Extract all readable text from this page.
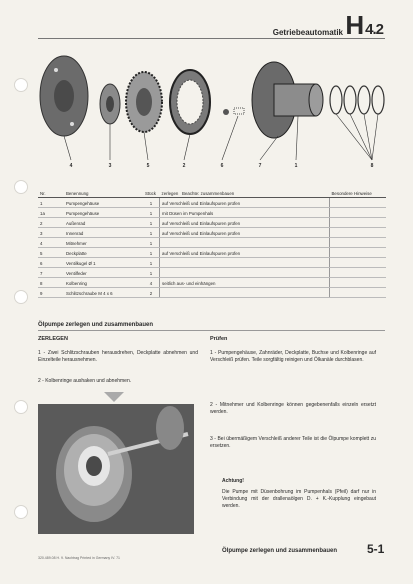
Getriebeautomatik H 4.2
4	3	5	2	6	7	1	8
Nr.	Benennung	Stück	zerlegen Beachte: zusammenbauen	Besondere Hinweise
1	Pumpengehäuse	1	auf Verschleiß und Einlaufspuren prüfen	
1a	Pumpengehäuse	1	mit Düsen im Pumpenhals	
2	Außenrad	1	auf Verschleiß und Einlaufspuren prüfen	
3	Innenrad	1	auf Verschleiß und Einlaufspuren prüfen	
4	Mitnehmer	1		
5	Deckplatte	1	auf Verschleiß und Einlaufspuren prüfen	
6	Ventilkugel Ø 1	1		
7	Ventilfeder	1		
8	Kolbenring	4	seitlich aus- und einhängen	
9	Schlitzschraube M 4 x 6	2		
Ölpumpe zerlegen und zusammenbauen
ZERLEGEN
1 - Zwei Schlitzschrauben herausdrehen, Deckplatte abnehmen und Einzelteile herausnehmen.
2 - Kolbenringe aushaken und abnehmen.
Prüfen
1 - Pumpengehäuse, Zahnräder, Deckplatte, Buchse und Kolbenringe auf Verschleiß prüfen. Teile sorgfältig reinigen und Ölkanäle durchblasen.
2 - Mitnehmer und Kolbenringe können gegebenenfalls einzeln ersetzt werden.
3 - Bei übermäßigem Verschleiß anderer Teile ist die Ölpumpe komplett zu ersetzen.
Achtung!
Die Pumpe mit Düsenbohrung im Pumpenhals (Pfeil) darf nur in Verbindung mit der drallenaölgen D. + K.-Kupplung eingebaut werden.
Ölpumpe zerlegen und zusammenbauen 5-1
320.489.08 H. 9. Nachtrag Printed in Germany IV. 71
